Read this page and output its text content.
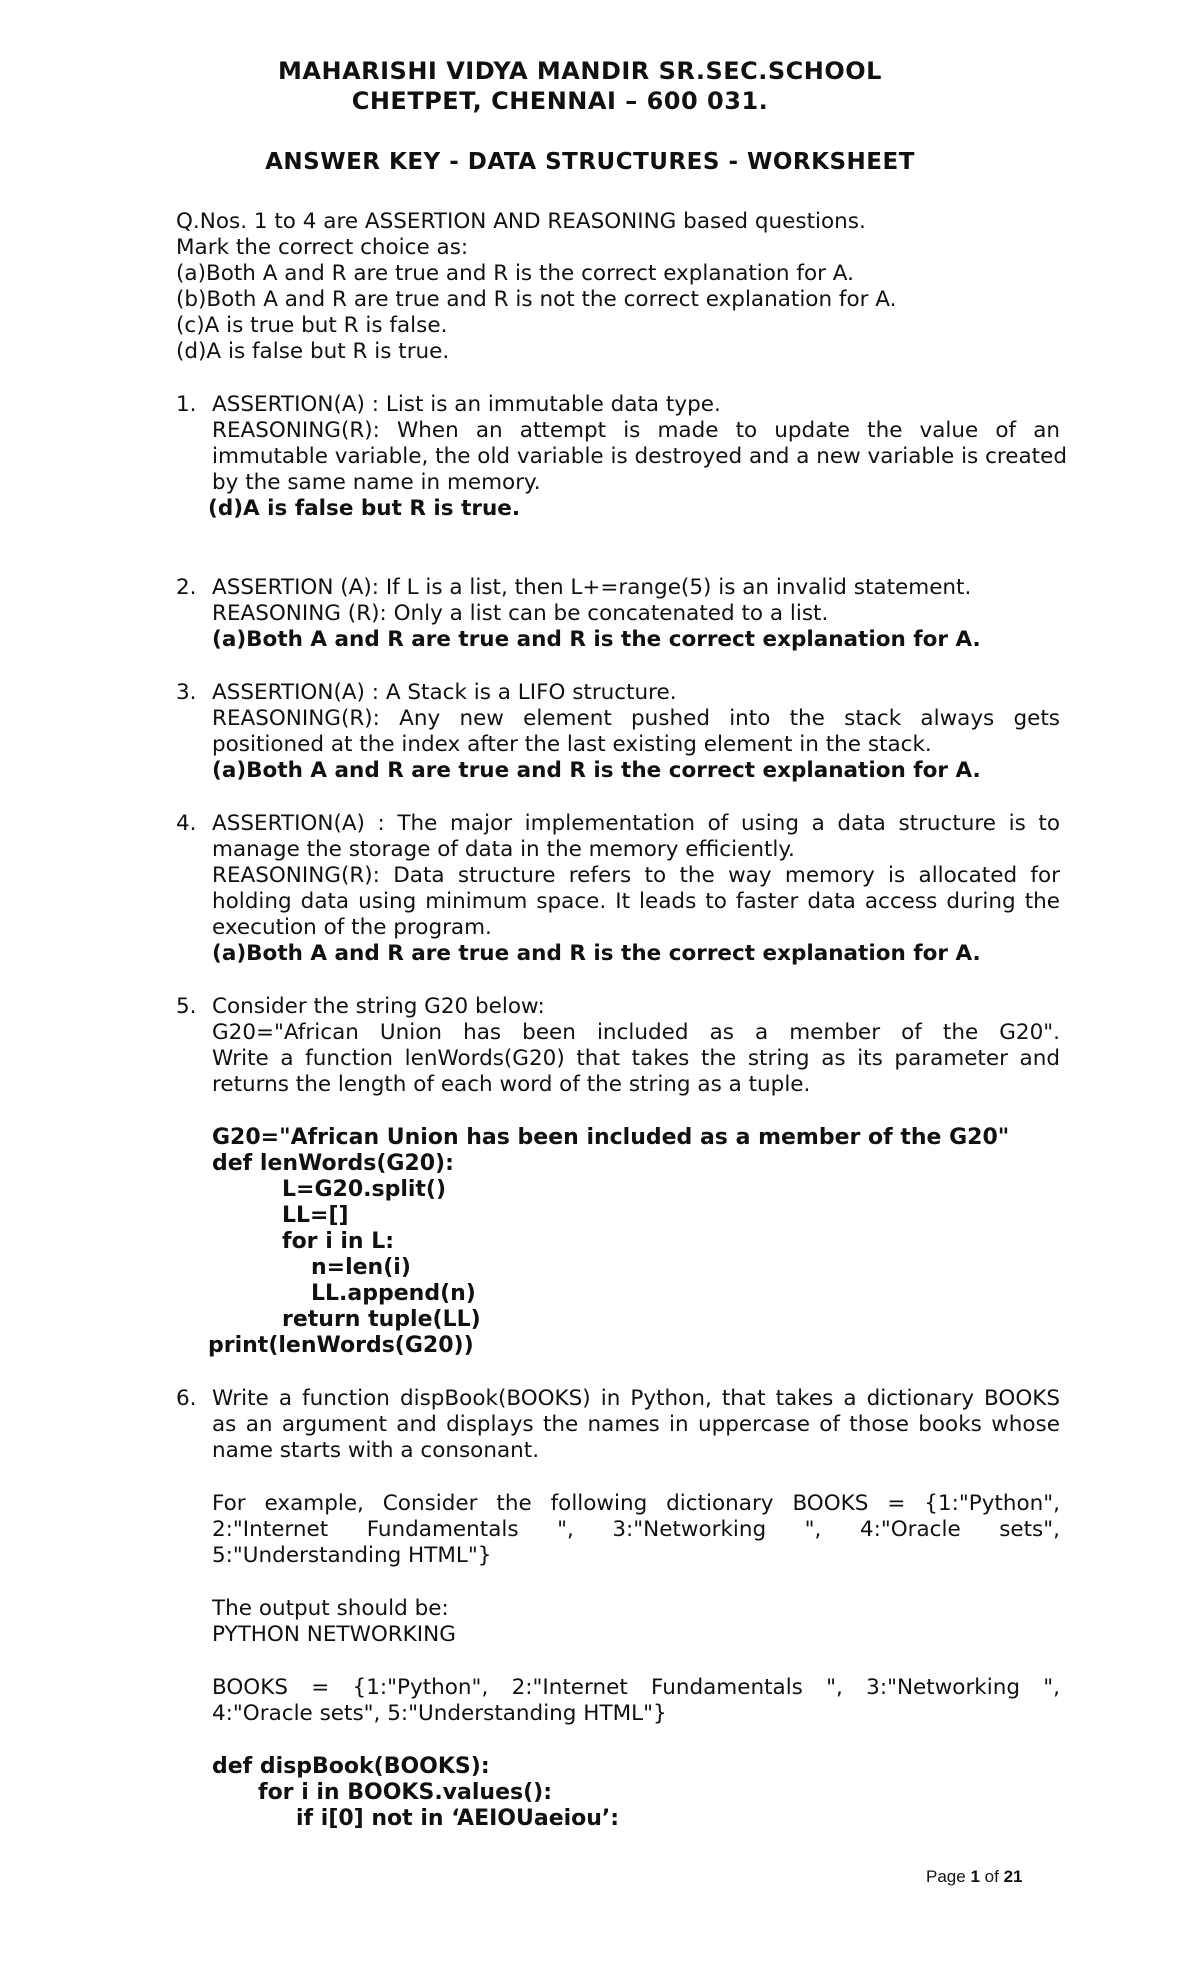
MAHARISHI VIDYA MANDIR SR.SEC.SCHOOL
CHETPET, CHENNAI – 600 031.
ANSWER KEY - DATA STRUCTURES - WORKSHEET
Q.Nos. 1 to 4 are ASSERTION AND REASONING based questions.
Mark the correct choice as:
(a)Both A and R are true and R is the correct explanation for A.
(b)Both A and R are true and R is not the correct explanation for A.
(c)A is true but R is false.
(d)A is false but R is true.
1. ASSERTION(A) : List is an immutable data type.
REASONING(R): When an attempt is made to update the value of an
immutable variable, the old variable is destroyed and a new variable is created
by the same name in memory.
(d)A is false but R is true.
2. ASSERTION (A): If L is a list, then L+=range(5) is an invalid statement.
REASONING (R): Only a list can be concatenated to a list.
(a)Both A and R are true and R is the correct explanation for A.
3. ASSERTION(A) : A Stack is a LIFO structure.
REASONING(R): Any new element pushed into the stack always gets
positioned at the index after the last existing element in the stack.
(a)Both A and R are true and R is the correct explanation for A.
4. ASSERTION(A) : The major implementation of using a data structure is to
manage the storage of data in the memory efficiently.
REASONING(R): Data structure refers to the way memory is allocated for
holding data using minimum space. It leads to faster data access during the
execution of the program.
(a)Both A and R are true and R is the correct explanation for A.
5. Consider the string G20 below:
G20="African Union has been included as a member of the G20".
Write a function lenWords(G20) that takes the string as its parameter and
returns the length of each word of the string as a tuple.
G20="African Union has been included as a member of the G20"
def lenWords(G20):
L=G20.split()
LL=[]
for i in L:
n=len(i)
LL.append(n)
return tuple(LL)
print(lenWords(G20))
6. Write a function dispBook(BOOKS) in Python, that takes a dictionary BOOKS
as an argument and displays the names in uppercase of those books whose
name starts with a consonant.
For example, Consider the following dictionary BOOKS = {1:"Python",
2:"Internet Fundamentals ", 3:"Networking ", 4:"Oracle sets",
5:"Understanding HTML"}
The output should be:
PYTHON NETWORKING
BOOKS = {1:"Python", 2:"Internet Fundamentals ", 3:"Networking ",
4:"Oracle sets", 5:"Understanding HTML"}
def dispBook(BOOKS):
for i in BOOKS.values():
if i[0] not in ‘AEIOUaeiou’:
Page 1 of 21
